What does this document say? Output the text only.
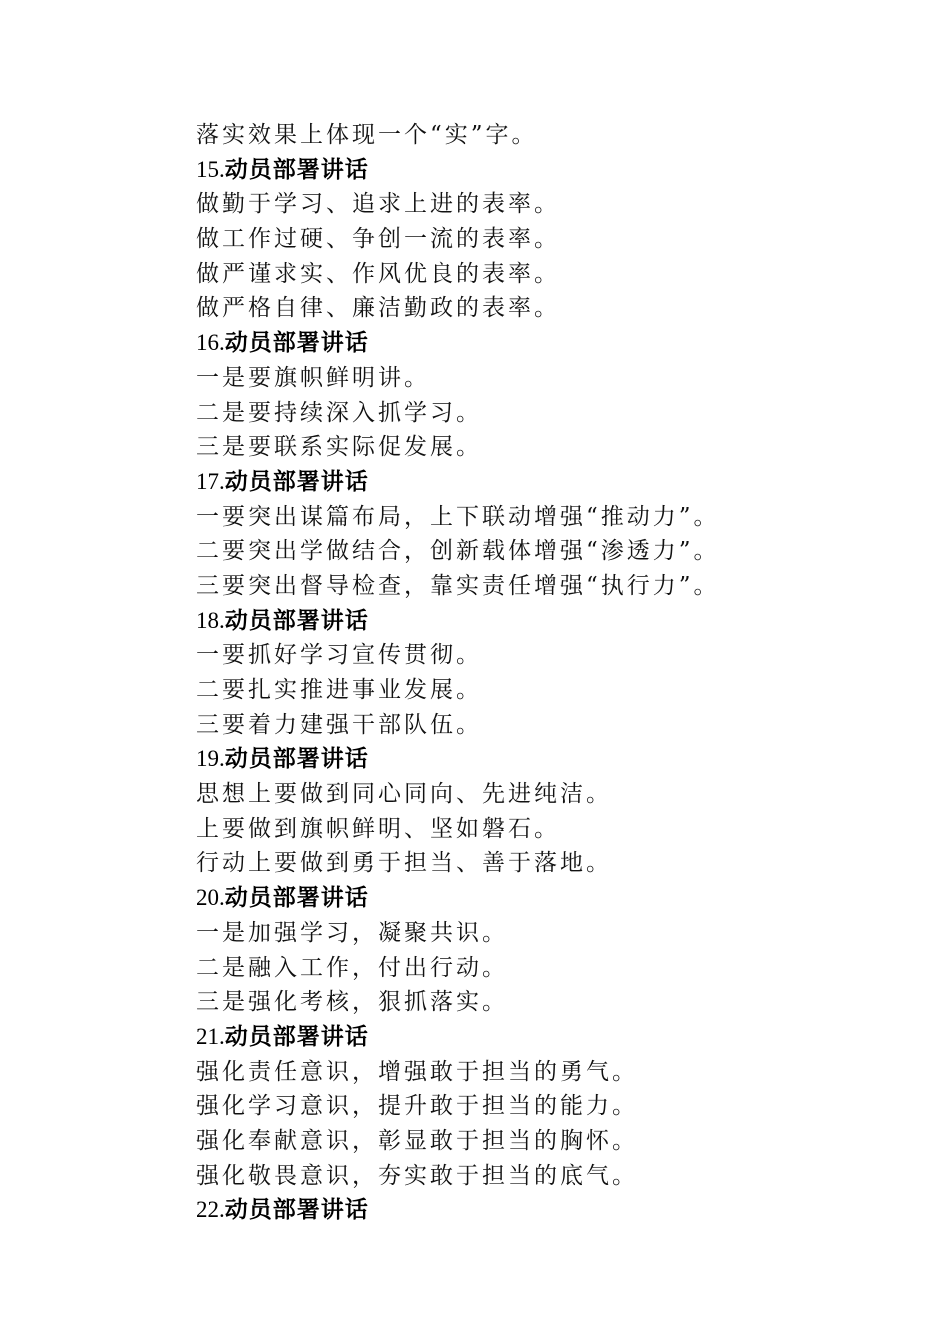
落实效果上体现一个“实”字。
15.动员部署讲话
做勤于学习、追求上进的表率。
做工作过硬、争创一流的表率。
做严谨求实、作风优良的表率。
做严格自律、廉洁勤政的表率。
16.动员部署讲话
一是要旗帜鲜明讲。
二是要持续深入抓学习。
三是要联系实际促发展。
17.动员部署讲话
一要突出谋篇布局，上下联动增强“推动力”。
二要突出学做结合，创新载体增强“渗透力”。
三要突出督导检查，靠实责任增强“执行力”。
18.动员部署讲话
一要抓好学习宣传贯彻。
二要扎实推进事业发展。
三要着力建强干部队伍。
19.动员部署讲话
思想上要做到同心同向、先进纯洁。
上要做到旗帜鲜明、坚如磐石。
行动上要做到勇于担当、善于落地。
20.动员部署讲话
一是加强学习，凝聚共识。
二是融入工作，付出行动。
三是强化考核，狠抓落实。
21.动员部署讲话
强化责任意识，增强敢于担当的勇气。
强化学习意识，提升敢于担当的能力。
强化奉献意识，彰显敢于担当的胸怀。
强化敬畏意识，夯实敢于担当的底气。
22.动员部署讲话
